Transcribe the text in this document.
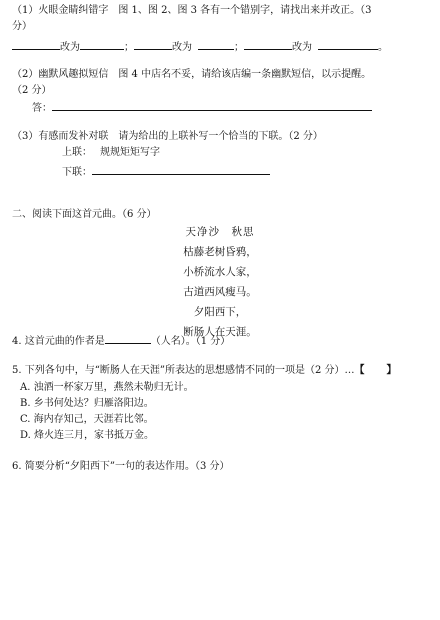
（1）火眼金睛纠错字　图 1、图 2、图 3 各有一个错别字，请找出来并改正。（3
分）
改为	；	改为	；	改为	。
（2）幽默风趣拟短信　图 4 中店名不妥，请给该店编一条幽默短信，以示提醒。
（2 分）
答：
（3）有感而发补对联　请为给出的上联补写一个恰当的下联。（2 分）
上联： 规规矩矩写字
下联：
二、阅读下面这首元曲。（6 分）
天净沙　秋思
枯藤老树昏鸦，
小桥流水人家，
古道西风瘦马。
夕阳西下，
断肠人在天涯。
4. 这首元曲的作者是	（人名）。（1 分）
5. 下列各句中，与“断肠人在天涯”所表达的思想感情不同的一项是（2 分）…【 】
A. 浊酒一杯家万里，燕然未勒归无计。
B. 乡书何处达？归雁洛阳边。
C. 海内存知己，天涯若比邻。
D. 烽火连三月，家书抵万金。
6. 简要分析“夕阳西下”一句的表达作用。（3 分）
